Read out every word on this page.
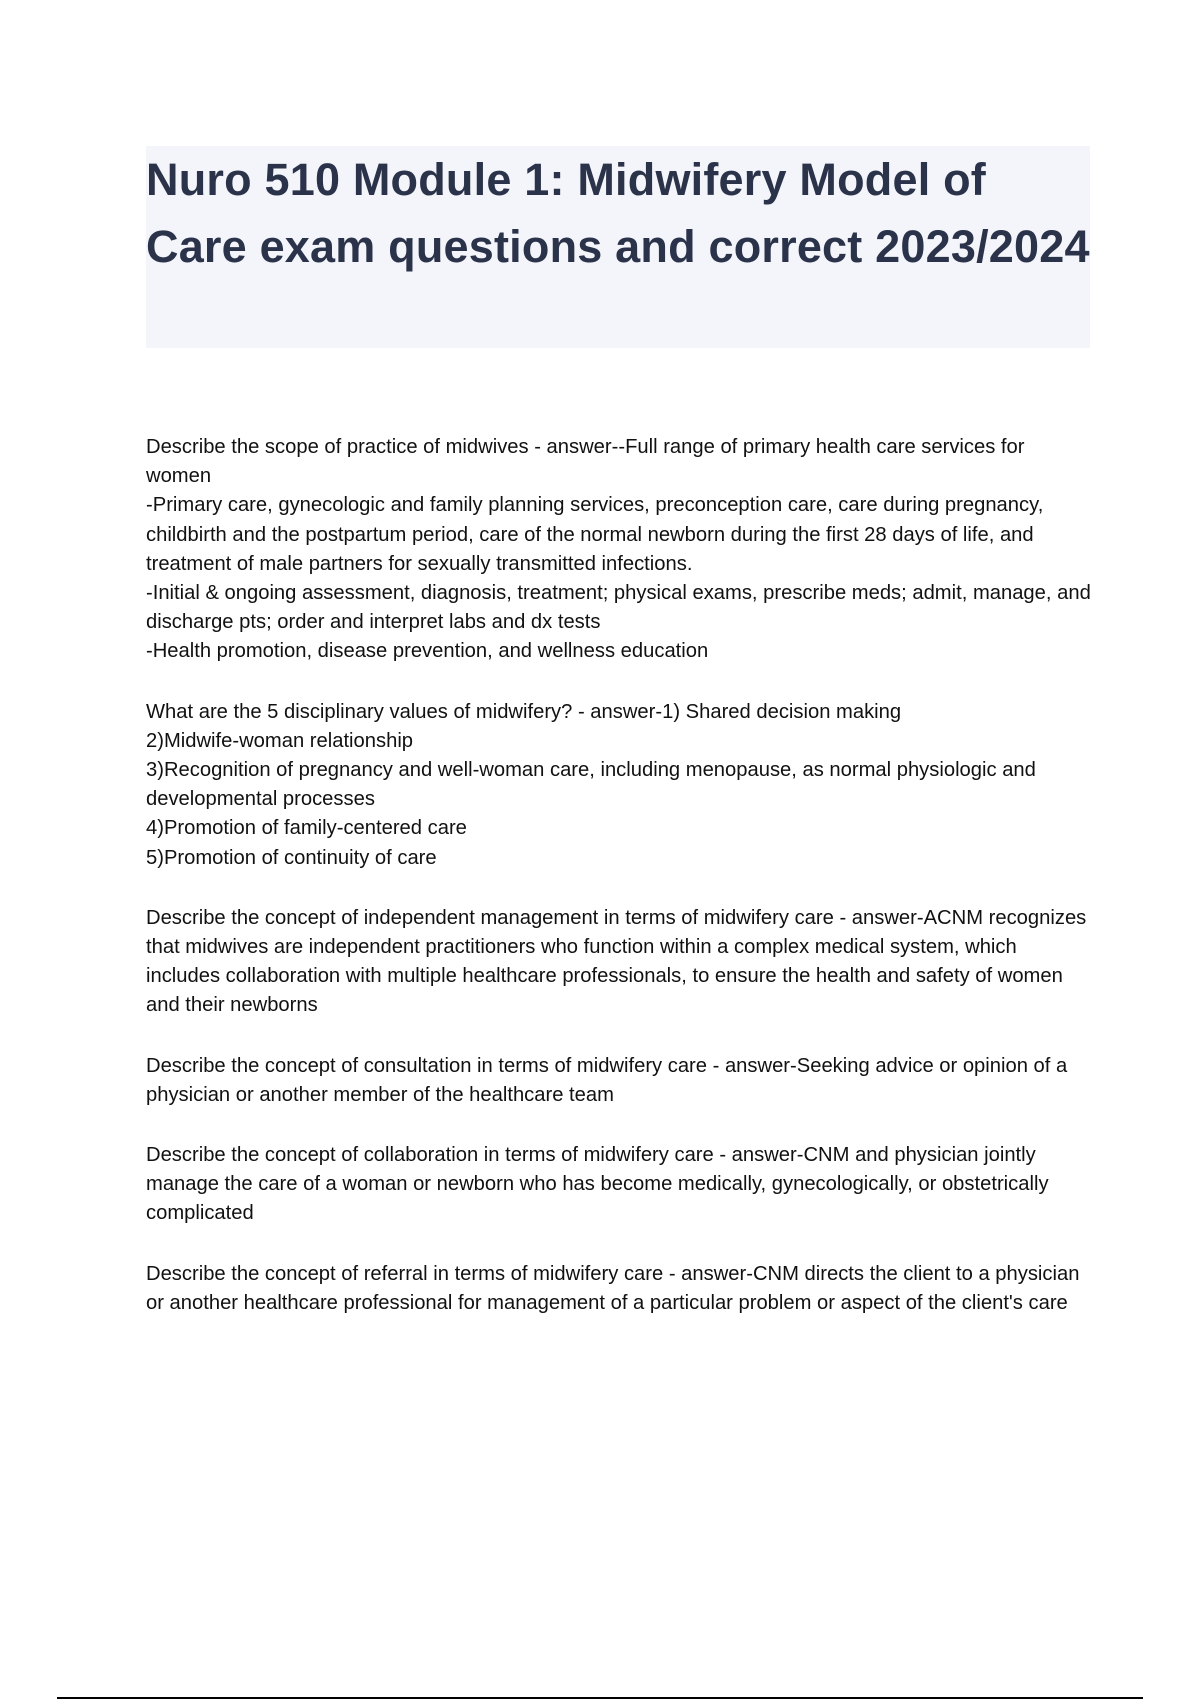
Nuro 510 Module 1: Midwifery Model of Care exam questions and correct 2023/2024

Describe the scope of practice of midwives - answer--Full range of primary health care services for women

-Primary care, gynecologic and family planning services, preconception care, care during pregnancy, childbirth and the postpartum period, care of the normal newborn during the first 28 days of life, and treatment of male partners for sexually transmitted infections.

-Initial & ongoing assessment, diagnosis, treatment; physical exams, prescribe meds; admit, manage, and discharge pts; order and interpret labs and dx tests

-Health promotion, disease prevention, and wellness education

What are the 5 disciplinary values of midwifery? - answer-1) Shared decision making

2)Midwife-woman relationship

3)Recognition of pregnancy and well-woman care, including menopause, as normal physiologic and developmental processes

4)Promotion of family-centered care

5)Promotion of continuity of care

Describe the concept of independent management in terms of midwifery care - answer-ACNM recognizes that midwives are independent practitioners who function within a complex medical system, which includes collaboration with multiple healthcare professionals, to ensure the health and safety of women and their newborns

Describe the concept of consultation in terms of midwifery care - answer-Seeking advice or opinion of a physician or another member of the healthcare team

Describe the concept of collaboration in terms of midwifery care - answer-CNM and physician jointly manage the care of a woman or newborn who has become medically, gynecologically, or obstetrically complicated

Describe the concept of referral in terms of midwifery care - answer-CNM directs the client to a physician or another healthcare professional for management of a particular problem or aspect of the client's care
